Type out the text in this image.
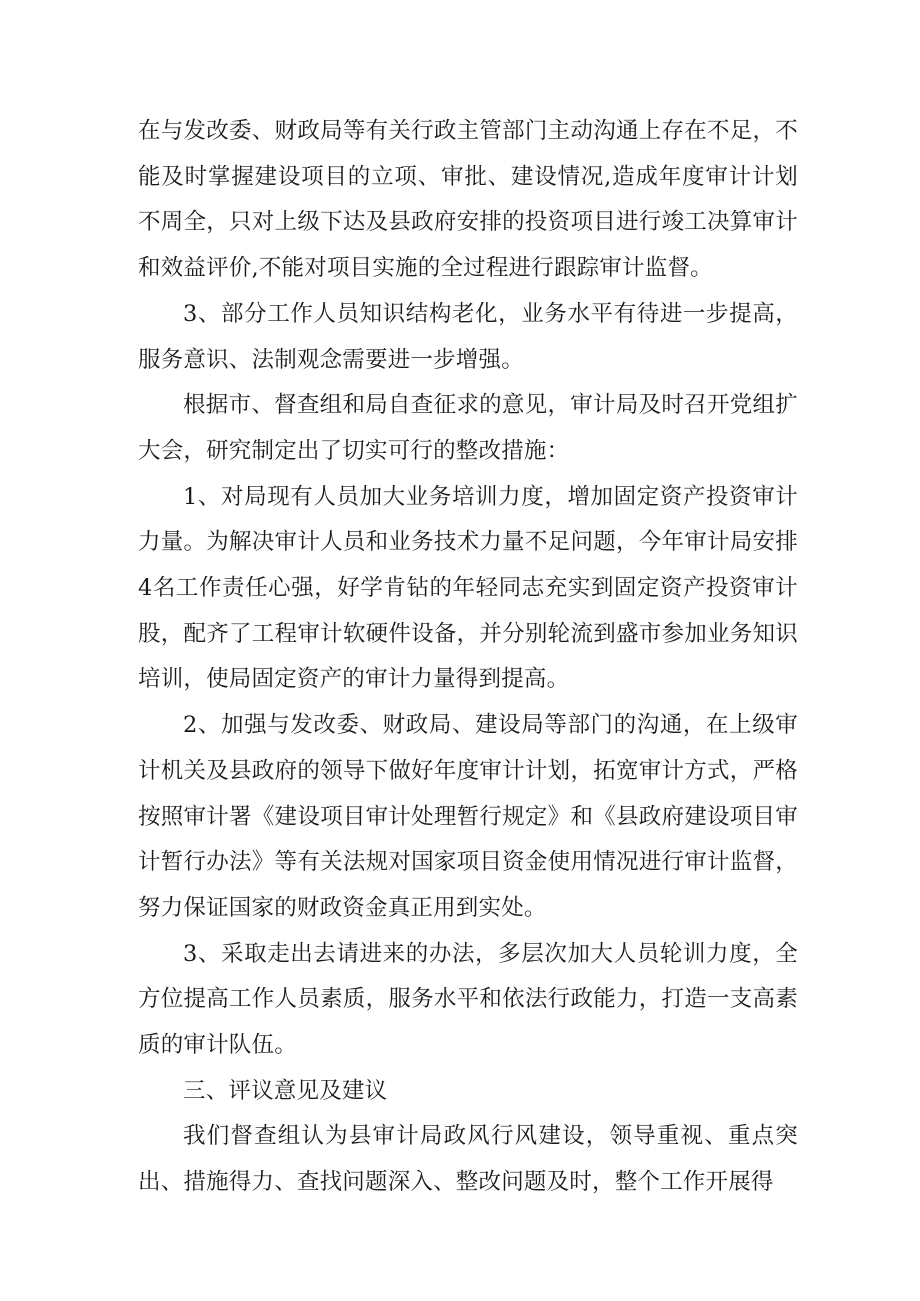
在与发改委、财政局等有关行政主管部门主动沟通上存在不足，不能及时掌握建设项目的立项、审批、建设情况,造成年度审计计划不周全，只对上级下达及县政府安排的投资项目进行竣工决算审计和效益评价,不能对项目实施的全过程进行跟踪审计监督。

3、部分工作人员知识结构老化，业务水平有待进一步提高，服务意识、法制观念需要进一步增强。

根据市、督查组和局自查征求的意见，审计局及时召开党组扩大会，研究制定出了切实可行的整改措施：

1、对局现有人员加大业务培训力度，增加固定资产投资审计力量。为解决审计人员和业务技术力量不足问题，今年审计局安排4名工作责任心强，好学肯钻的年轻同志充实到固定资产投资审计股，配齐了工程审计软硬件设备，并分别轮流到盛市参加业务知识培训，使局固定资产的审计力量得到提高。

2、加强与发改委、财政局、建设局等部门的沟通，在上级审计机关及县政府的领导下做好年度审计计划，拓宽审计方式，严格按照审计署《建设项目审计处理暂行规定》和《县政府建设项目审计暂行办法》等有关法规对国家项目资金使用情况进行审计监督，努力保证国家的财政资金真正用到实处。

3、采取走出去请进来的办法，多层次加大人员轮训力度，全方位提高工作人员素质，服务水平和依法行政能力，打造一支高素质的审计队伍。

三、评议意见及建议

我们督查组认为县审计局政风行风建设，领导重视、重点突出、措施得力、查找问题深入、整改问题及时，整个工作开展得
